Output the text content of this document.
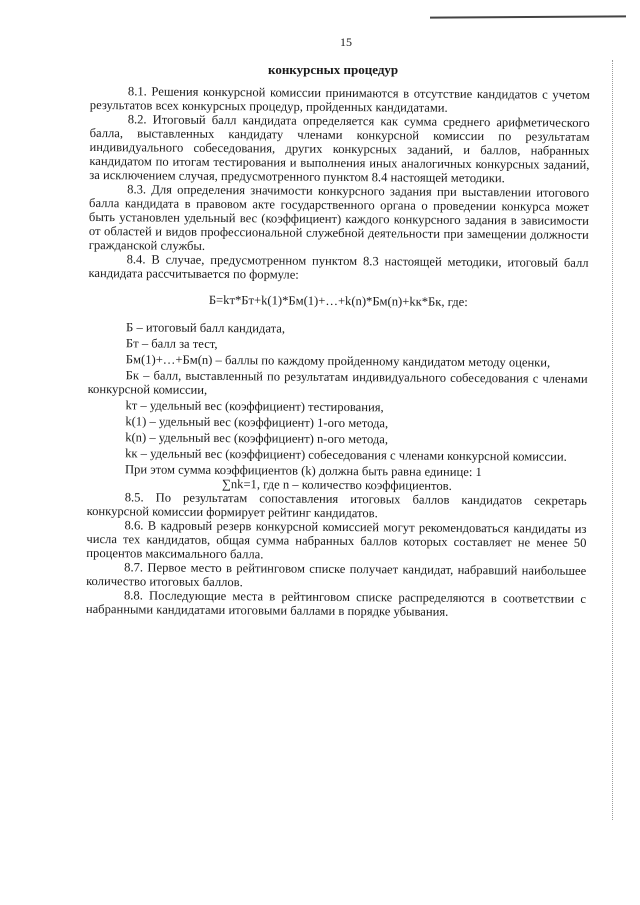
15
конкурсных процедур

8.1. Решения конкурсной комиссии принимаются в отсутствие кандидатов с учетом результатов всех конкурсных процедур, пройденных кандидатами.

8.2. Итоговый балл кандидата определяется как сумма среднего арифметического балла, выставленных кандидату членами конкурсной комиссии по результатам индивидуального собеседования, других конкурсных заданий, и баллов, набранных кандидатом по итогам тестирования и выполнения иных аналогичных конкурсных заданий, за исключением случая, предусмотренного пунктом 8.4 настоящей методики.

8.3. Для определения значимости конкурсного задания при выставлении итогового балла кандидата в правовом акте государственного органа о проведении конкурса может быть установлен удельный вес (коэффициент) каждого конкурсного задания в зависимости от областей и видов профессиональной служебной деятельности при замещении должности гражданской службы.

8.4. В случае, предусмотренном пунктом 8.3 настоящей методики, итоговый балл кандидата рассчитывается по формуле:

Б=kт*Бт+k(1)*Бм(1)+…+k(n)*Бм(n)+kк*Бк, где:

Б – итоговый балл кандидата,

Бт – балл за тест,

Бм(1)+…+Бм(n) – баллы по каждому пройденному кандидатом методу оценки,

Бк – балл, выставленный по результатам индивидуального собеседования с членами конкурсной комиссии,

kт – удельный вес (коэффициент) тестирования,

k(1) – удельный вес (коэффициент) 1-ого метода,

k(n) – удельный вес (коэффициент) n-ого метода,

kк – удельный вес (коэффициент) собеседования с членами конкурсной комиссии.

При этом сумма коэффициентов (k) должна быть равна единице: 1

∑nk=1, где n – количество коэффициентов.

8.5. По результатам сопоставления итоговых баллов кандидатов секретарь конкурсной комиссии формирует рейтинг кандидатов.

8.6. В кадровый резерв конкурсной комиссией могут рекомендоваться кандидаты из числа тех кандидатов, общая сумма набранных баллов которых составляет не менее 50 процентов максимального балла.

8.7. Первое место в рейтинговом списке получает кандидат, набравший наибольшее количество итоговых баллов.

8.8. Последующие места в рейтинговом списке распределяются в соответствии с набранными кандидатами итоговыми баллами в порядке убывания.
